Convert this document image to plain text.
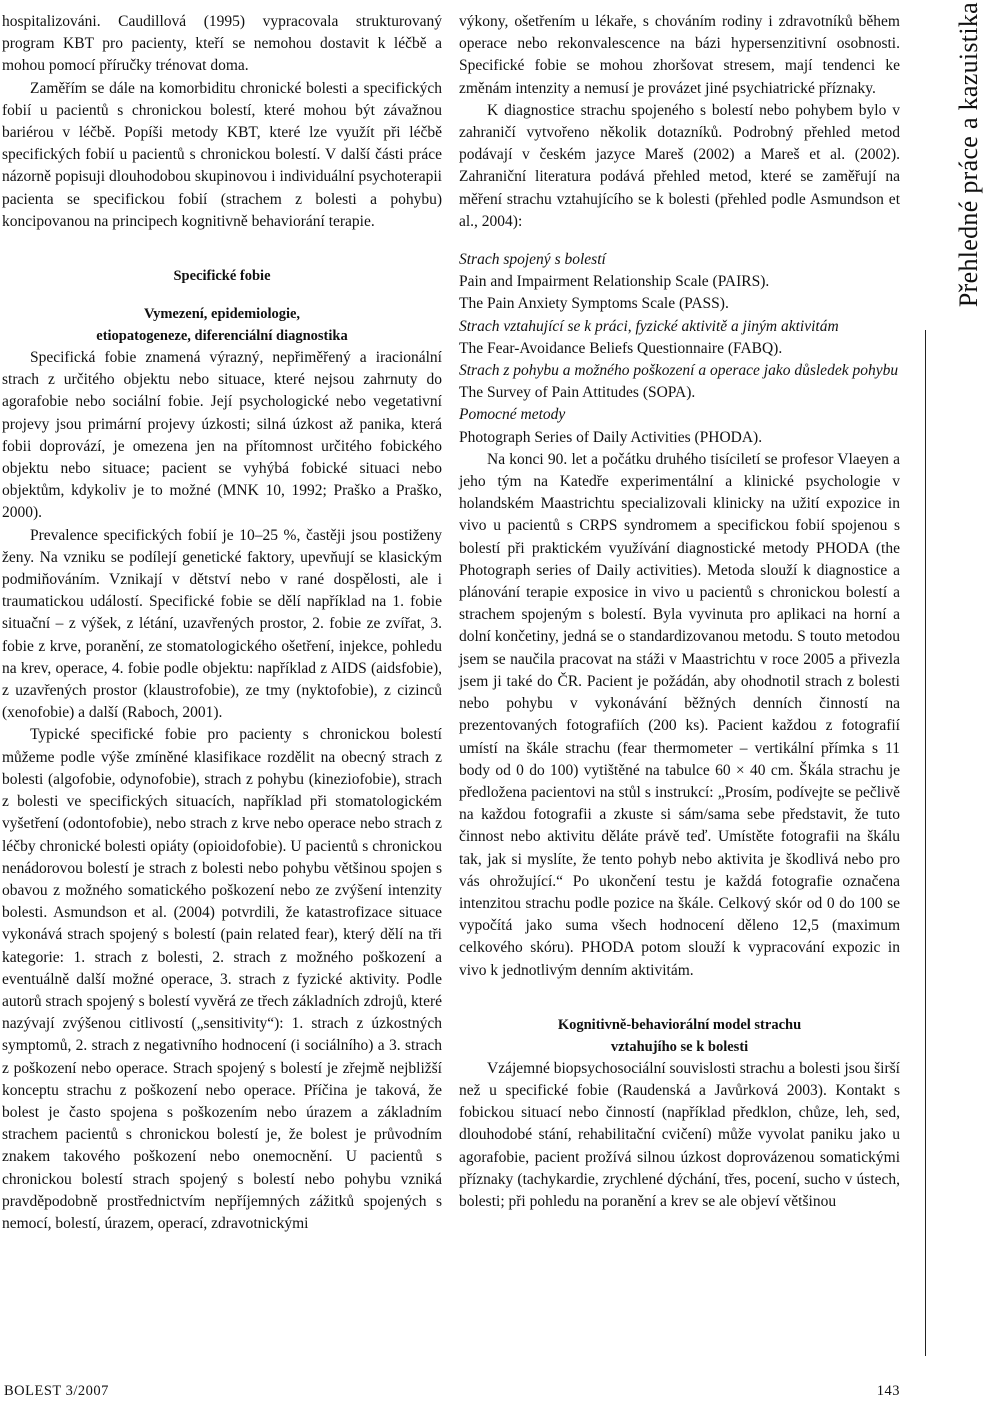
Přehledné práce a kazuistika

hospitalizováni. Caudillová (1995) vypracovala strukturovaný program KBT pro pacienty, kteří se nemohou dostavit k léčbě a mohou pomocí příručky trénovat doma.

Zaměřím se dále na komorbiditu chronické bolesti a specifických fobií u pacientů s chronickou bolestí, které mohou být závažnou bariérou v léčbě. Popíši metody KBT, které lze využít při léčbě specifických fobií u pacientů s chronickou bolestí. V další části práce názorně popisuji dlouhodobou skupinovou i individuální psychoterapii pacienta se specifickou fobií (strachem z bolesti a pohybu) koncipovanou na principech kognitivně behaviorání terapie.

Specifické fobie

Vymezení, epidemiologie,

etiopatogeneze, diferenciální diagnostika

Specifická fobie znamená výrazný, nepřiměřený a iracionální strach z určitého objektu nebo situace, které nejsou zahrnuty do agorafobie nebo sociální fobie. Její psychologické nebo vegetativní projevy jsou primární projevy úzkosti; silná úzkost až panika, která fobii doprovází, je omezena jen na přítomnost určitého fobického objektu nebo situace; pacient se vyhýbá fobické situaci nebo objektům, kdykoliv je to možné (MNK 10, 1992; Praško a Praško, 2000).

Prevalence specifických fobií je 10–25 %, častěji jsou postiženy ženy. Na vzniku se podílejí genetické faktory, upevňují se klasickým podmiňováním. Vznikají v dětství nebo v rané dospělosti, ale i traumatickou událostí. Specifické fobie se dělí například na 1. fobie situační – z výšek, z létání, uzavřených prostor, 2. fobie ze zvířat, 3. fobie z krve, poranění, ze stomatologického ošetření, injekce, pohledu na krev, operace, 4. fobie podle objektu: například z AIDS (aidsfobie), z uzavřených prostor (klaustrofobie), ze tmy (nyktofobie), z cizinců (xenofobie) a další (Raboch, 2001).

Typické specifické fobie pro pacienty s chronickou bolestí můžeme podle výše zmíněné klasifikace rozdělit na obecný strach z bolesti (algofobie, odynofobie), strach z pohybu (kineziofobie), strach z bolesti ve specifických situacích, například při stomatologickém vyšetření (odontofobie), nebo strach z krve nebo operace nebo strach z léčby chronické bolesti opiáty (opioidofobie). U pacientů s chronickou nenádorovou bolestí je strach z bolesti nebo pohybu většinou spojen s obavou z možného somatického poškození nebo ze zvýšení intenzity bolesti. Asmundson et al. (2004) potvrdili, že katastrofizace situace vykonává strach spojený s bolestí (pain related fear), který dělí na tři kategorie: 1. strach z bolesti, 2. strach z možného poškození a eventuálně další možné operace, 3. strach z fyzické aktivity. Podle autorů strach spojený s bolestí vyvěrá ze třech základních zdrojů, které nazývají zvýšenou citlivostí („sensitivity“): 1. strach z úzkostných symptomů, 2. strach z negativního hodnocení (i sociálního) a 3. strach z poškození nebo operace. Strach spojený s bolestí je zřejmě nejbližší konceptu strachu z poškození nebo operace. Příčina je taková, že bolest je často spojena s poškozením nebo úrazem a základním strachem pacientů s chronickou bolestí je, že bolest je průvodním znakem takového poškození nebo onemocnění. U pacientů s chronickou bolestí strach spojený s bolestí nebo pohybu vzniká pravděpodobně prostřednictvím nepříjemných zážitků spojených s nemocí, bolestí, úrazem, operací, zdravotnickými

výkony, ošetřením u lékaře, s chováním rodiny i zdravotníků během operace nebo rekonvalescence na bázi hypersenzitivní osobnosti. Specifické fobie se mohou zhoršovat stresem, mají tendenci ke změnám intenzity a nemusí je provázet jiné psychiatrické příznaky.

K diagnostice strachu spojeného s bolestí nebo pohybem bylo v zahraničí vytvořeno několik dotazníků. Podrobný přehled metod podávají v českém jazyce Mareš (2002) a Mareš et al. (2002). Zahraniční literatura podává přehled metod, které se zaměřují na měření strachu vztahujícího se k bolesti (přehled podle Asmundson et al., 2004):

Strach spojený s bolestí

Pain and Impairment Relationship Scale (PAIRS).

The Pain Anxiety Symptoms Scale (PASS).

Strach vztahující se k práci, fyzické aktivitě a jiným aktivitám

The Fear-Avoidance Beliefs Questionnaire (FABQ).

Strach z pohybu a možného poškození a operace jako důsledek pohybu

The Survey of Pain Attitudes (SOPA).

Pomocné metody

Photograph Series of Daily Activities (PHODA).

Na konci 90. let a počátku druhého tisíciletí se profesor Vlaeyen a jeho tým na Katedře experimentální a klinické psychologie v holandském Maastrichtu specializovali klinicky na užití expozice in vivo u pacientů s CRPS syndromem a specifickou fobií spojenou s bolestí při praktickém využívání diagnostické metody PHODA (the Photograph series of Daily activities). Metoda slouží k diagnostice a plánování terapie exposice in vivo u pacientů s chronickou bolestí a strachem spojeným s bolestí. Byla vyvinuta pro aplikaci na horní a dolní končetiny, jedná se o standardizovanou metodu. S touto metodou jsem se naučila pracovat na stáži v Maastrichtu v roce 2005 a přivezla jsem ji také do ČR. Pacient je požádán, aby ohodnotil strach z bolesti nebo pohybu v vykonávání běžných denních činností na prezentovaných fotografiích (200 ks). Pacient každou z fotografií umístí na škále strachu (fear thermometer – vertikální přímka s 11 body od 0 do 100) vytištěné na tabulce 60 × 40 cm. Škála strachu je předložena pacientovi na stůl s instrukcí: „Prosím, podívejte se pečlivě na každou fotografii a zkuste si sám/sama sebe představit, že tuto činnost nebo aktivitu děláte právě teď. Umístěte fotografii na škálu tak, jak si myslíte, že tento pohyb nebo aktivita je škodlivá nebo pro vás ohrožující.“ Po ukončení testu je každá fotografie označena intenzitou strachu podle pozice na škále. Celkový skór od 0 do 100 se vypočítá jako suma všech hodnocení děleno 12,5 (maximum celkového skóru). PHODA potom slouží k vypracování expozic in vivo k jednotlivým denním aktivitám.

Kognitivně-behaviorální model strachu

vztahujího se k bolesti

Vzájemné biopsychosociální souvislosti strachu a bolesti jsou širší než u specifické fobie (Raudenská a Javůrková 2003). Kontakt s fobickou situací nebo činností (například předklon, chůze, leh, sed, dlouhodobé stání, rehabilitační cvičení) může vyvolat paniku jako u agorafobie, pacient prožívá silnou úzkost doprovázenou somatickými příznaky (tachykardie, zrychlené dýchání, třes, pocení, sucho v ústech, bolesti; při pohledu na poranění a krev se ale objeví většinou

BOLEST 3/2007	143
